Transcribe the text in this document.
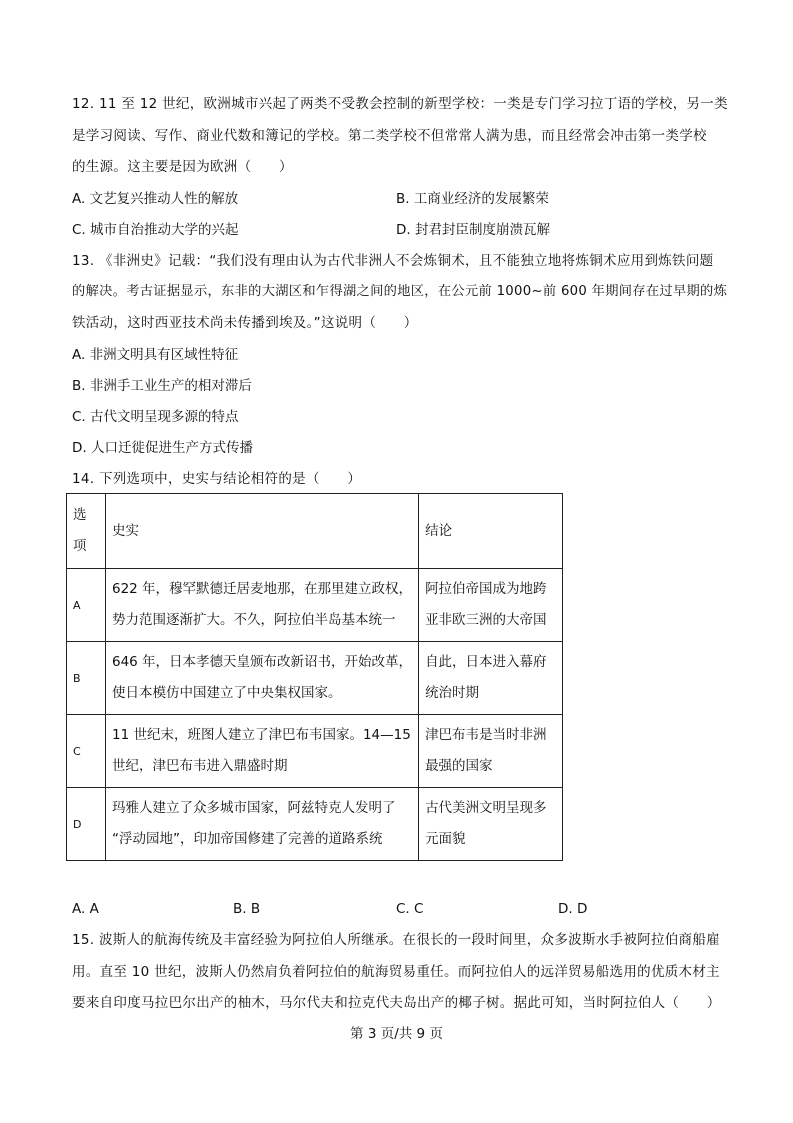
12. 11 至 12 世纪，欧洲城市兴起了两类不受教会控制的新型学校：一类是专门学习拉丁语的学校，另一类
是学习阅读、写作、商业代数和簿记的学校。第二类学校不但常常人满为患，而且经常会冲击第一类学校
的生源。这主要是因为欧洲（　　）
A. 文艺复兴推动人性的解放	B. 工商业经济的发展繁荣
C. 城市自治推动大学的兴起	D. 封君封臣制度崩溃瓦解
13. 《非洲史》记载：“我们没有理由认为古代非洲人不会炼铜术，且不能独立地将炼铜术应用到炼铁问题
的解决。考古证据显示，东非的大湖区和乍得湖之间的地区，在公元前 1000~前 600 年期间存在过早期的炼
铁活动，这时西亚技术尚未传播到埃及。”这说明（　　）
A. 非洲文明具有区域性特征
B. 非洲手工业生产的相对滞后
C. 古代文明呈现多源的特点
D. 人口迁徙促进生产方式传播
14. 下列选项中，史实与结论相符的是（　　）
选
项	史实	结论
A	622 年，穆罕默德迁居麦地那，在那里建立政权，
势力范围逐渐扩大。不久，阿拉伯半岛基本统一	阿拉伯帝国成为地跨
亚非欧三洲的大帝国

B	646 年，日本孝德天皇颁布改新诏书，开始改革，
使日本模仿中国建立了中央集权国家。	自此，日本进入幕府
统治时期

C	11 世纪末，班图人建立了津巴布韦国家。14—15
世纪，津巴布韦进入鼎盛时期	津巴布韦是当时非洲
最强的国家

D	玛雅人建立了众多城市国家，阿兹特克人发明了
“浮动园地”，印加帝国修建了完善的道路系统	古代美洲文明呈现多
元面貌
A. A	B. B	C. C	D. D
15. 波斯人的航海传统及丰富经验为阿拉伯人所继承。在很长的一段时间里，众多波斯水手被阿拉伯商船雇
用。直至 10 世纪，波斯人仍然肩负着阿拉伯的航海贸易重任。而阿拉伯人的远洋贸易船选用的优质木材主
要来自印度马拉巴尔出产的柚木，马尔代夫和拉克代夫岛出产的椰子树。据此可知，当时阿拉伯人（　　）
第 3 页/共 9 页
